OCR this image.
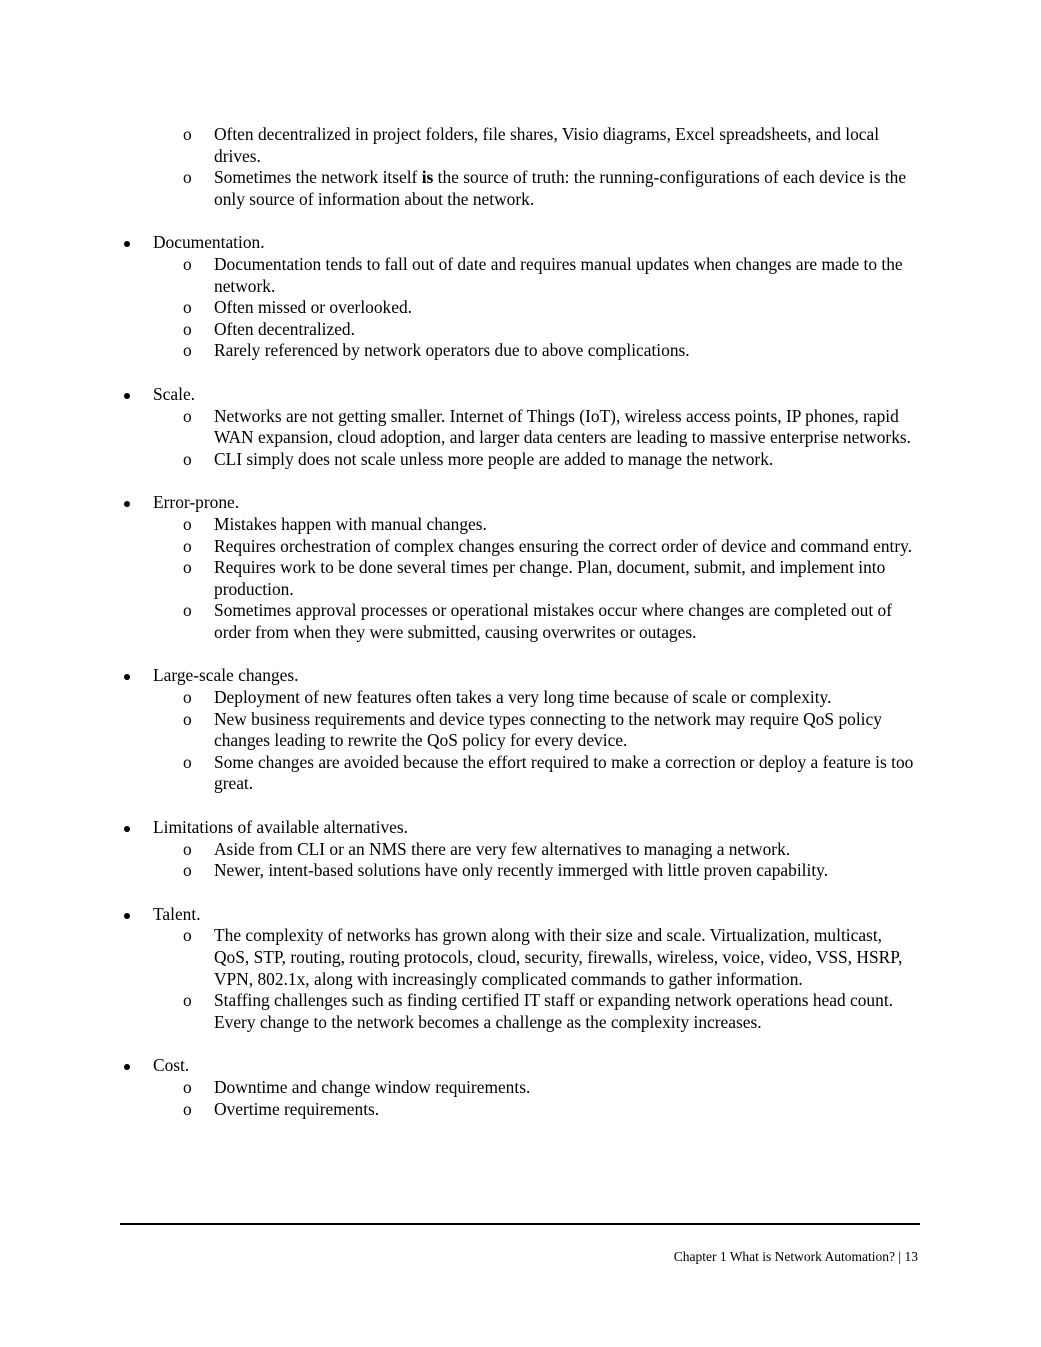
o Often decentralized in project folders, file shares, Visio diagrams, Excel spreadsheets, and local drives.
o Sometimes the network itself is the source of truth: the running-configurations of each device is the only source of information about the network.
Documentation.
o Documentation tends to fall out of date and requires manual updates when changes are made to the network.
o Often missed or overlooked.
o Often decentralized.
o Rarely referenced by network operators due to above complications.
Scale.
o Networks are not getting smaller. Internet of Things (IoT), wireless access points, IP phones, rapid WAN expansion, cloud adoption, and larger data centers are leading to massive enterprise networks.
o CLI simply does not scale unless more people are added to manage the network.
Error-prone.
o Mistakes happen with manual changes.
o Requires orchestration of complex changes ensuring the correct order of device and command entry.
o Requires work to be done several times per change. Plan, document, submit, and implement into production.
o Sometimes approval processes or operational mistakes occur where changes are completed out of order from when they were submitted, causing overwrites or outages.
Large-scale changes.
o Deployment of new features often takes a very long time because of scale or complexity.
o New business requirements and device types connecting to the network may require QoS policy changes leading to rewrite the QoS policy for every device.
o Some changes are avoided because the effort required to make a correction or deploy a feature is too great.
Limitations of available alternatives.
o Aside from CLI or an NMS there are very few alternatives to managing a network.
o Newer, intent-based solutions have only recently immerged with little proven capability.
Talent.
o The complexity of networks has grown along with their size and scale. Virtualization, multicast, QoS, STP, routing, routing protocols, cloud, security, firewalls, wireless, voice, video, VSS, HSRP, VPN, 802.1x, along with increasingly complicated commands to gather information.
o Staffing challenges such as finding certified IT staff or expanding network operations head count. Every change to the network becomes a challenge as the complexity increases.
Cost.
o Downtime and change window requirements.
o Overtime requirements.
Chapter 1 What is Network Automation? | 13
